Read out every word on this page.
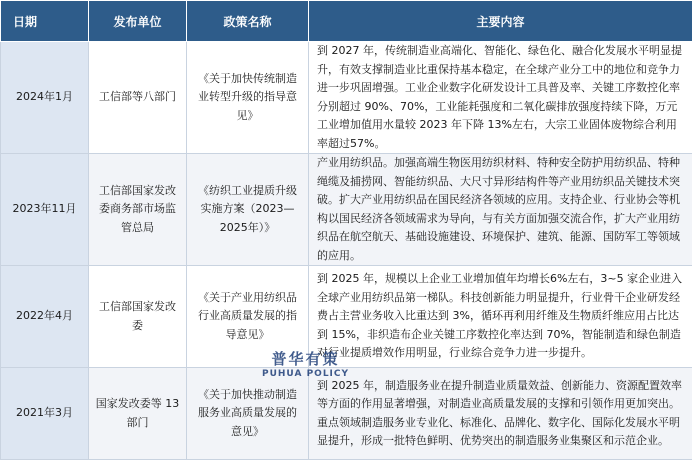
日期	发布单位	政策名称	主要内容
2024年1月	工信部等八部门	《关于加快传统制造业转型升级的指导意见》	到 2027 年，传统制造业高端化、智能化、绿色化、融合化发展水平明显提升，有效支撑制造业比重保持基本稳定，在全球产业分工中的地位和竞争力进一步巩固增强。工业企业数字化研发设计工具普及率、关键工序数控化率分别超过 90%、70%，工业能耗强度和二氧化碳排放强度持续下降，万元工业增加值用水量较 2023 年下降 13%左右，大宗工业固体废物综合利用率超过57%。
2023年11月	工信部国家发改委商务部市场监管总局	《纺织工业提质升级实施方案（2023—2025年）》	产业用纺织品。加强高端生物医用纺织材料、特种安全防护用纺织品、特种绳缆及捕捞网、智能纺织品、大尺寸异形结构件等产业用纺织品关键技术突破。扩大产业用纺织品在国民经济各领域的应用。支持企业、行业协会等机构以国民经济各领域需求为导向，与有关方面加强交流合作，扩大产业用纺织品在航空航天、基础设施建设、环境保护、建筑、能源、国防军工等领域的应用。
2022年4月	工信部国家发改委	《关于产业用纺织品行业高质量发展的指导意见》	到 2025 年，规模以上企业工业增加值年均增长6%左右，3~5 家企业进入全球产业用纺织品第一梯队。科技创新能力明显提升，行业骨干企业研发经费占主营业务收入比重达到 3%，循环再利用纤维及生物质纤维应用占比达到 15%，非织造布企业关键工序数控化率达到 70%，智能制造和绿色制造对行业提质增效作用明显，行业综合竞争力进一步提升。
2021年3月	国家发改委等 13 部门	《关于加快推动制造服务业高质量发展的意见》	到 2025 年，制造服务业在提升制造业质量效益、创新能力、资源配置效率等方面的作用显著增强，对制造业高质量发展的支撑和引领作用更加突出。重点领域制造服务业专业化、标准化、品牌化、数字化、国际化发展水平明显提升，形成一批特色鲜明、优势突出的制造服务业集聚区和示范企业。
普华有策
PUHUA POLICY
